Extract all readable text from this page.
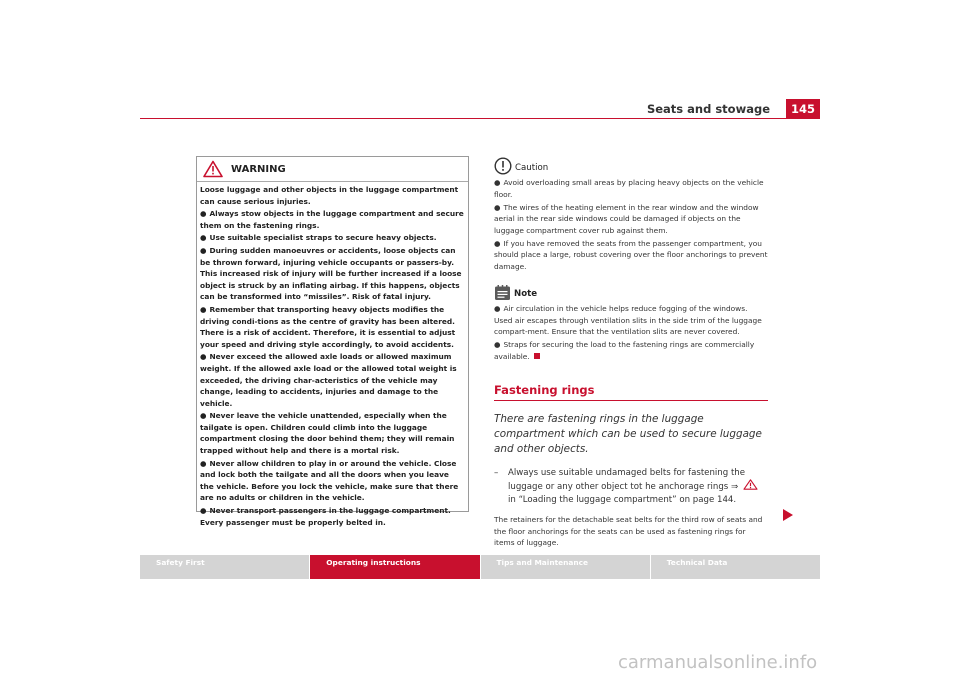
Seats and stowage	145
WARNING

Loose luggage and other objects in the luggage compartment can cause serious injuries.

● Always stow objects in the luggage compartment and secure them on the fastening rings.

● Use suitable specialist straps to secure heavy objects.

● During sudden manoeuvres or accidents, loose objects can be thrown forward, injuring vehicle occupants or passers-by. This increased risk of injury will be further increased if a loose object is struck by an inflating airbag. If this happens, objects can be transformed into “missiles”. Risk of fatal injury.

● Remember that transporting heavy objects modifies the driving condi-tions as the centre of gravity has been altered. There is a risk of accident. Therefore, it is essential to adjust your speed and driving style accordingly, to avoid accidents.

● Never exceed the allowed axle loads or allowed maximum weight. If the allowed axle load or the allowed total weight is exceeded, the driving char-acteristics of the vehicle may change, leading to accidents, injuries and damage to the vehicle.

● Never leave the vehicle unattended, especially when the tailgate is open. Children could climb into the luggage compartment closing the door behind them; they will remain trapped without help and there is a mortal risk.

● Never allow children to play in or around the vehicle. Close and lock both the tailgate and all the doors when you leave the vehicle. Before you lock the vehicle, make sure that there are no adults or children in the vehicle.

● Never transport passengers in the luggage compartment. Every passenger must be properly belted in.

Caution

● Avoid overloading small areas by placing heavy objects on the vehicle floor.

● The wires of the heating element in the rear window and the window aerial in the rear side windows could be damaged if objects on the luggage compartment cover rub against them.

● If you have removed the seats from the passenger compartment, you should place a large, robust covering over the floor anchorings to prevent damage.

Note

● Air circulation in the vehicle helps reduce fogging of the windows. Used air escapes through ventilation slits in the side trim of the luggage compart-ment. Ensure that the ventilation slits are never covered.

● Straps for securing the load to the fastening rings are commercially available.

Fastening rings
There are fastening rings in the luggage compartment which can be used to secure luggage and other objects.
–	Always use suitable undamaged belts for fastening the luggage or any other object tot he anchorage rings ⇒  in “Loading the luggage compartment” on page 144.

The retainers for the detachable seat belts for the third row of seats and the floor anchorings for the seats can be used as fastening rings for items of luggage.

Safety First	Operating instructions	Tips and Maintenance	Technical Data
carmanualsonline.info
